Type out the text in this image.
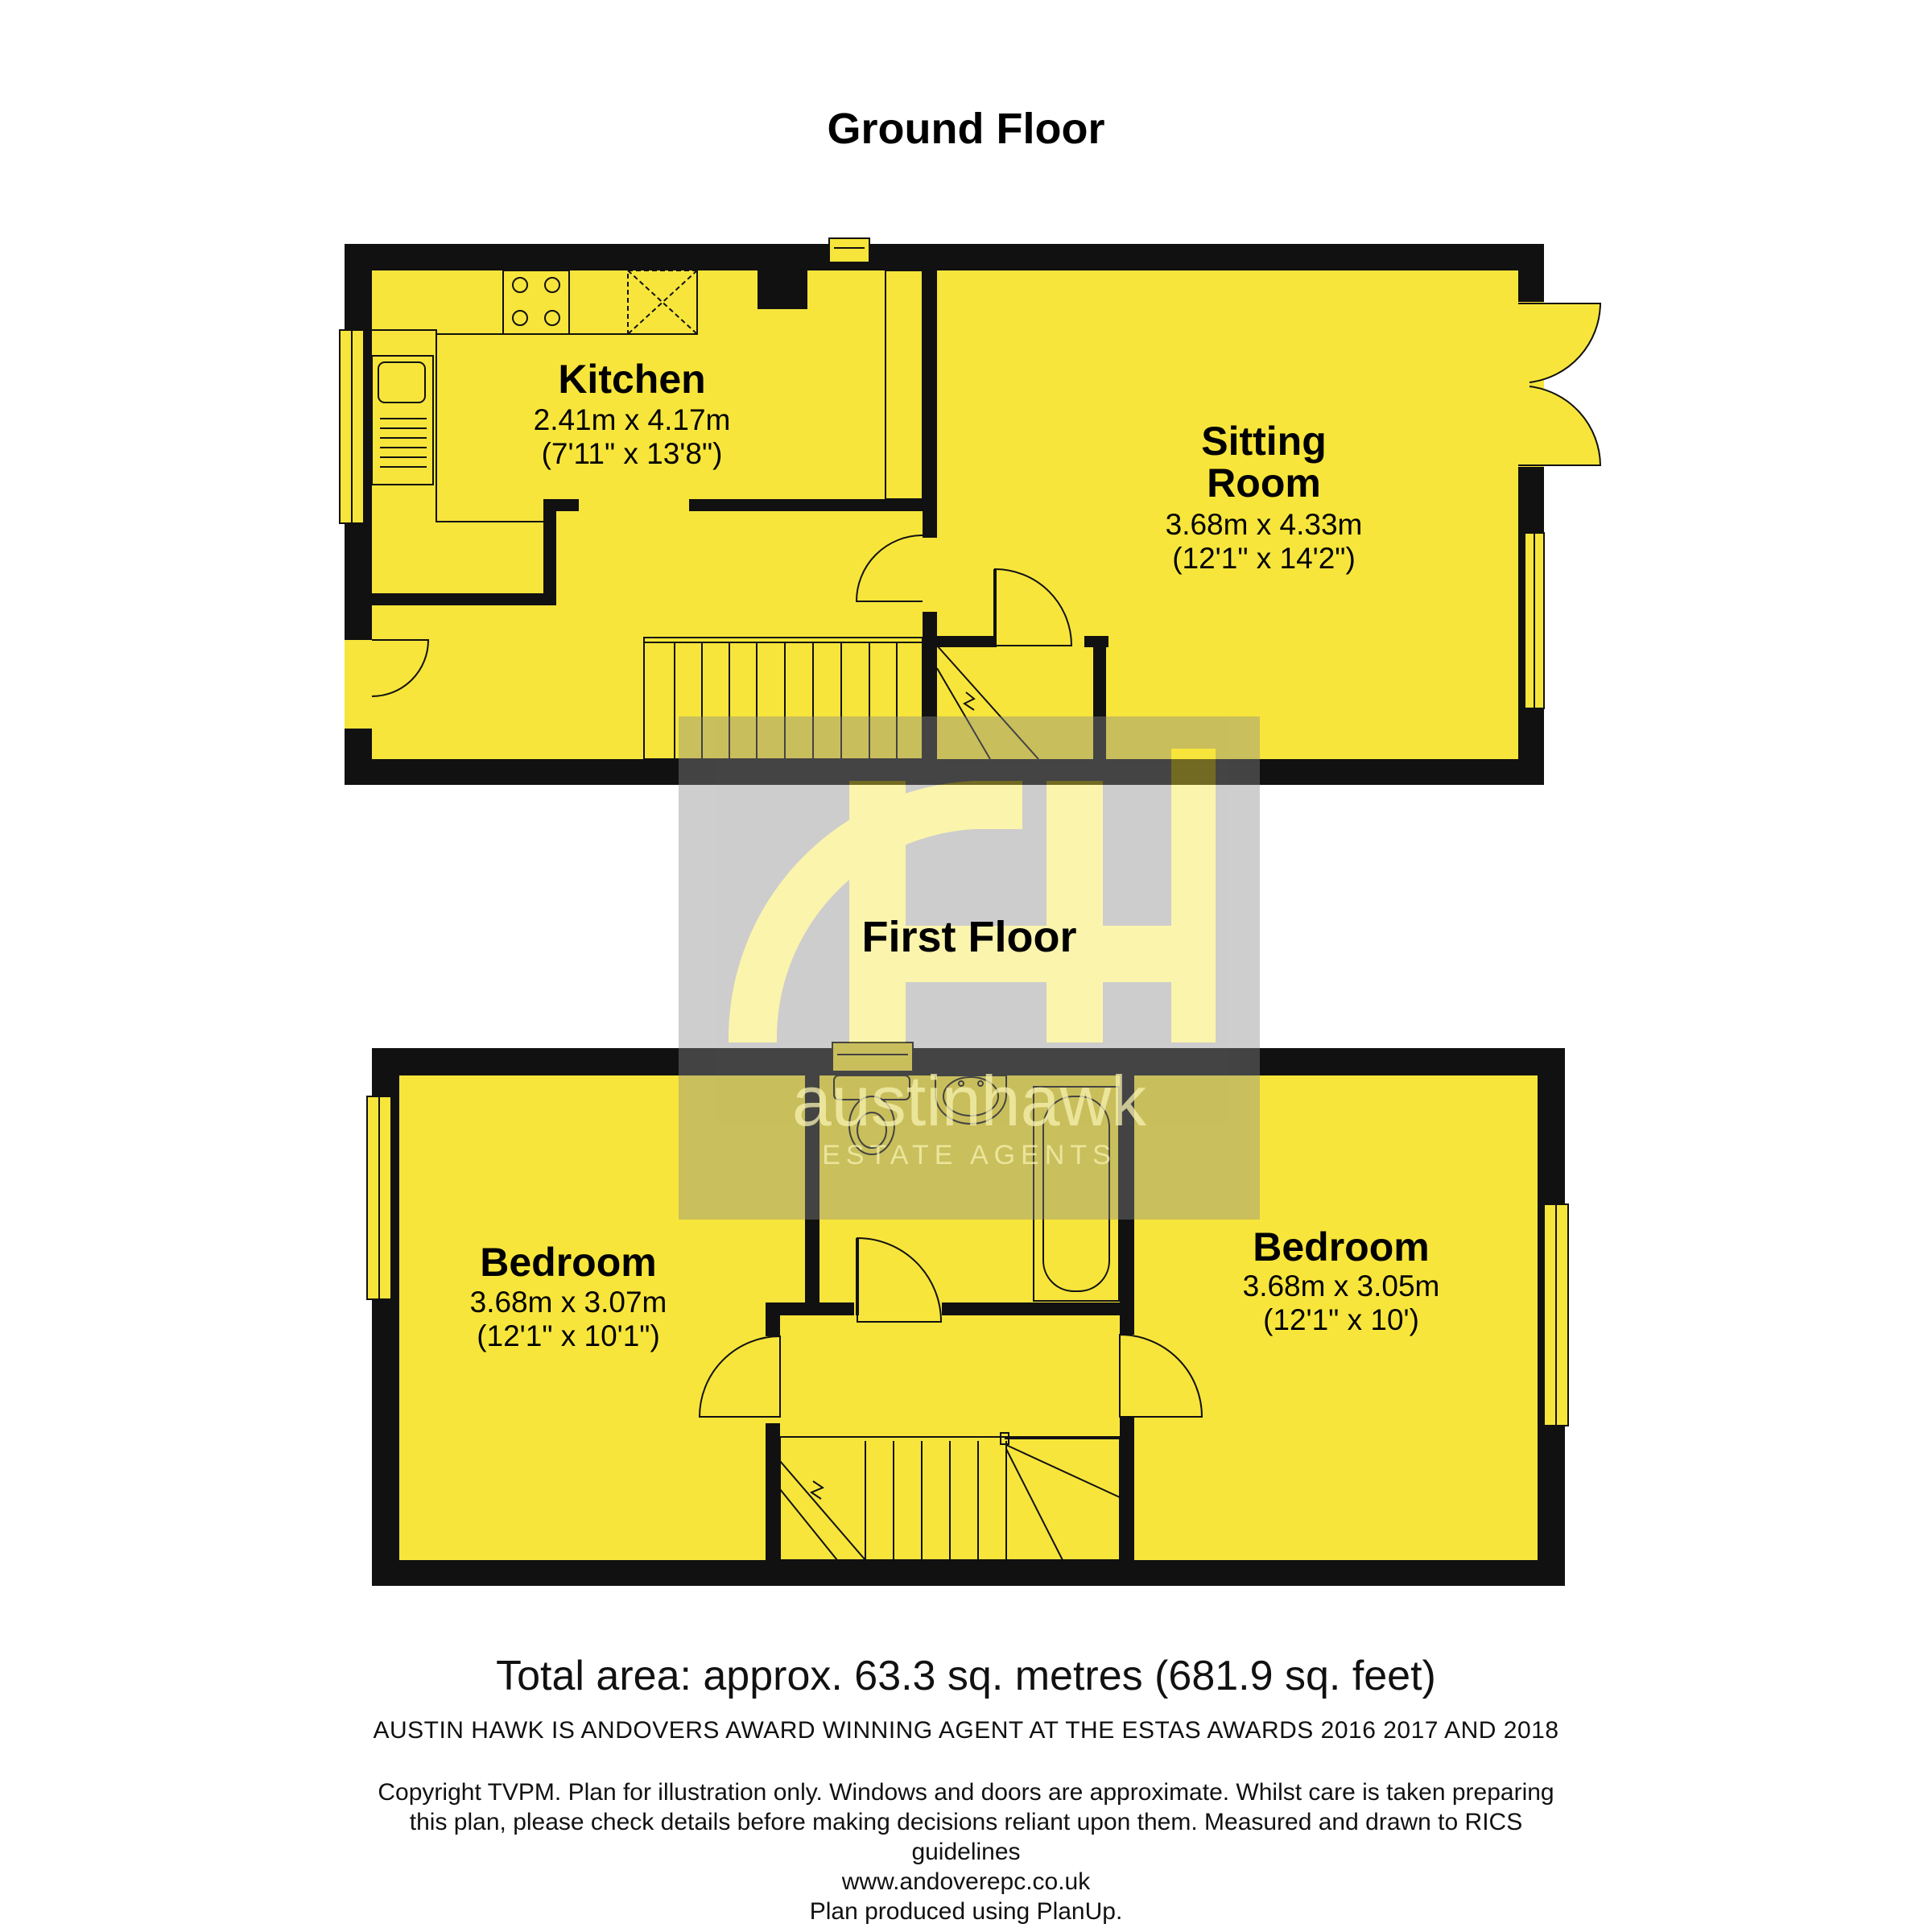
austinhawk
ESTATE AGENTS
Ground Floor
First Floor
Kitchen
2.41m x 4.17m
(7'11" x 13'8")	Sitting
Room
3.68m x 4.33m
(12'1" x 14'2")
Bedroom
3.68m x 3.07m
(12'1" x 10'1")
Bedroom
3.68m x 3.05m
(12'1" x 10')
Total area: approx. 63.3 sq. metres (681.9 sq. feet)
AUSTIN HAWK IS ANDOVERS AWARD WINNING AGENT AT THE ESTAS AWARDS 2016 2017 AND 2018
Copyright TVPM. Plan for illustration only. Windows and doors are approximate. Whilst care is taken preparing
this plan, please check details before making decisions reliant upon them. Measured and drawn to RICS
guidelines
www.andoverepc.co.uk
Plan produced using PlanUp.
